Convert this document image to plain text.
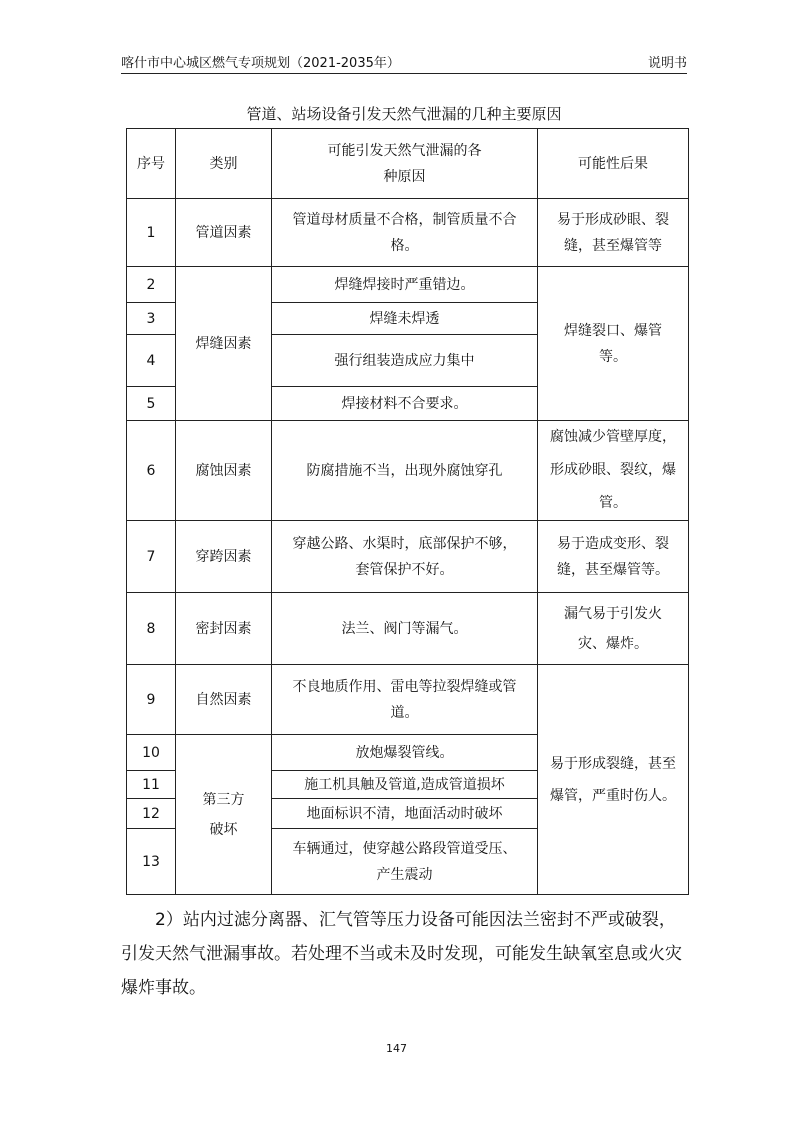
喀什市中心城区燃气专项规划（2021-2035年）	说明书
管道、站场设备引发天然气泄漏的几种主要原因
序号	类别	可能引发天然气泄漏的各种原因	可能性后果
1	管道因素	管道母材质量不合格，制管质量不合格。	易于形成砂眼、裂缝，甚至爆管等
2	焊缝因素	焊缝焊接时严重错边。	焊缝裂口、爆管等。
3		焊缝未焊透	
4		强行组装造成应力集中	
5		焊接材料不合要求。	
6	腐蚀因素	防腐措施不当，出现外腐蚀穿孔	腐蚀减少管壁厚度，形成砂眼、裂纹，爆管。
7	穿跨因素	穿越公路、水渠时，底部保护不够，套管保护不好。	易于造成变形、裂缝，甚至爆管等。
8	密封因素	法兰、阀门等漏气。	漏气易于引发火灾、爆炸。
9	自然因素	不良地质作用、雷电等拉裂焊缝或管道。	易于形成裂缝，甚至爆管，严重时伤人。
10	第三方破坏	放炮爆裂管线。	
11		施工机具触及管道,造成管道损坏	
12		地面标识不清，地面活动时破坏	
13		车辆通过，使穿越公路段管道受压、产生震动	
2）站内过滤分离器、汇气管等压力设备可能因法兰密封不严或破裂，引发天然气泄漏事故。若处理不当或未及时发现，可能发生缺氧室息或火灾爆炸事故。
147
